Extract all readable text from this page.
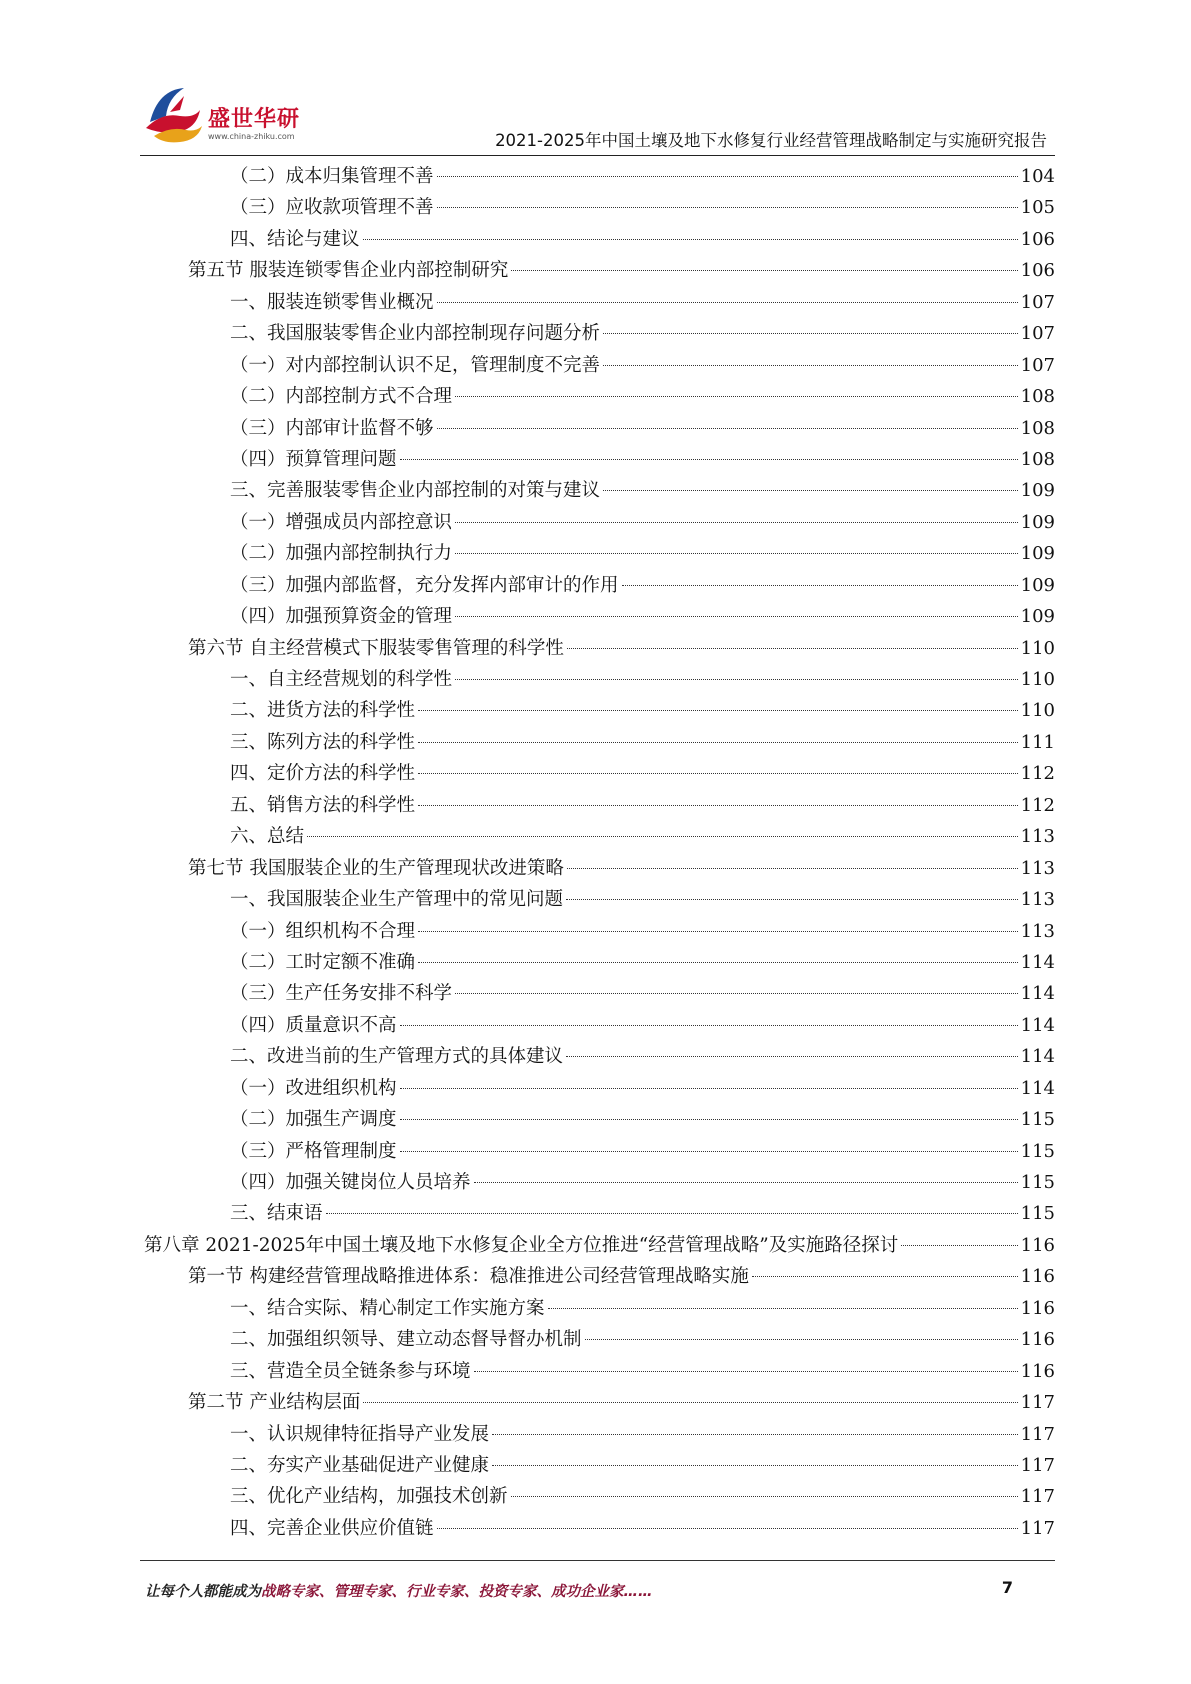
盛世华研
www.china-zhiku.com	2021-2025年中国土壤及地下水修复行业经营管理战略制定与实施研究报告
（二）成本归集管理不善	104
（三）应收款项管理不善	105
四、结论与建议	106
第五节 服装连锁零售企业内部控制研究	106
一、服装连锁零售业概况	107
二、我国服装零售企业内部控制现存问题分析	107
（一）对内部控制认识不足，管理制度不完善	107
（二）内部控制方式不合理	108
（三）内部审计监督不够	108
（四）预算管理问题	108
三、完善服装零售企业内部控制的对策与建议	109
（一）增强成员内部控意识	109
（二）加强内部控制执行力	109
（三）加强内部监督，充分发挥内部审计的作用	109
（四）加强预算资金的管理	109
第六节 自主经营模式下服装零售管理的科学性	110
一、自主经营规划的科学性	110
二、进货方法的科学性	110
三、陈列方法的科学性	111
四、定价方法的科学性	112
五、销售方法的科学性	112
六、总结	113
第七节 我国服装企业的生产管理现状改进策略	113
一、我国服装企业生产管理中的常见问题	113
（一）组织机构不合理	113
（二）工时定额不准确	114
（三）生产任务安排不科学	114
（四）质量意识不高	114
二、改进当前的生产管理方式的具体建议	114
（一）改进组织机构	114
（二）加强生产调度	115
（三）严格管理制度	115
（四）加强关键岗位人员培养	115
三、结束语	115
第八章 2021-2025年中国土壤及地下水修复企业全方位推进“经营管理战略”及实施路径探讨	116
第一节 构建经营管理战略推进体系：稳准推进公司经营管理战略实施	116
一、结合实际、精心制定工作实施方案	116
二、加强组织领导、建立动态督导督办机制	116
三、营造全员全链条参与环境	116
第二节 产业结构层面	117
一、认识规律特征指导产业发展	117
二、夯实产业基础促进产业健康	117
三、优化产业结构，加强技术创新	117
四、完善企业供应价值链	117
让每个人都能成为战略专家、管理专家、行业专家、投资专家、成功企业家……	7
